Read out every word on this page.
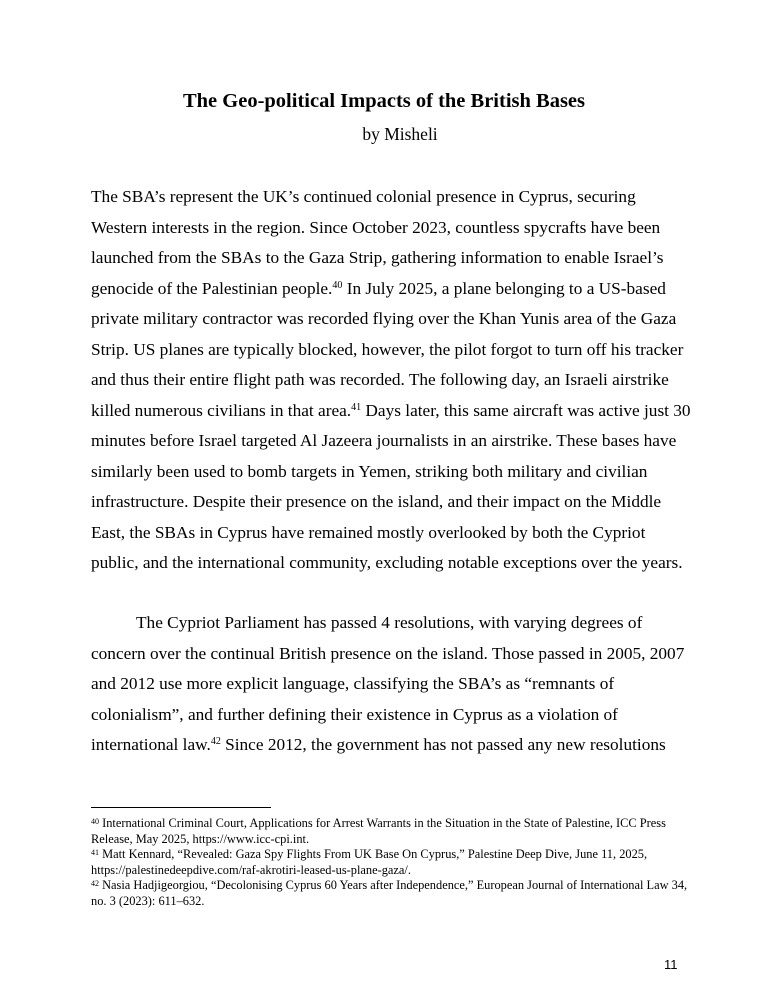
The Geo-political Impacts of the British Bases
by Misheli
The SBA’s represent the UK’s continued colonial presence in Cyprus, securing Western interests in the region. Since October 2023, countless spycrafts have been launched from the SBAs to the Gaza Strip, gathering information to enable Israel’s genocide of the Palestinian people.$^{40}$ In July 2025, a plane belonging to a US-based private military contractor was recorded flying over the Khan Yunis area of the Gaza Strip. US planes are typically blocked, however, the pilot forgot to turn off his tracker and thus their entire flight path was recorded. The following day, an Israeli airstrike killed numerous civilians in that area.$^{41}$ Days later, this same aircraft was active just 30 minutes before Israel targeted Al Jazeera journalists in an airstrike. These bases have similarly been used to bomb targets in Yemen, striking both military and civilian infrastructure. Despite their presence on the island, and their impact on the Middle East, the SBAs in Cyprus have remained mostly overlooked by both the Cypriot public, and the international community, excluding notable exceptions over the years.
The Cypriot Parliament has passed 4 resolutions, with varying degrees of concern over the continual British presence on the island. Those passed in 2005, 2007 and 2012 use more explicit language, classifying the SBA’s as “remnants of colonialism”, and further defining their existence in Cyprus as a violation of international law.$^{42}$ Since 2012, the government has not passed any new resolutions
$^{40}$ International Criminal Court, Applications for Arrest Warrants in the Situation in the State of Palestine, ICC Press Release, May 2025, https://www.icc-cpi.int.
$^{41}$ Matt Kennard, “Revealed: Gaza Spy Flights From UK Base On Cyprus,” Palestine Deep Dive, June 11, 2025, https://palestinedeepdive.com/raf-akrotiri-leased-us-plane-gaza/.
$^{42}$ Nasia Hadjigeorgiou, “Decolonising Cyprus 60 Years after Independence,” European Journal of International Law 34, no. 3 (2023): 611–632.
11
